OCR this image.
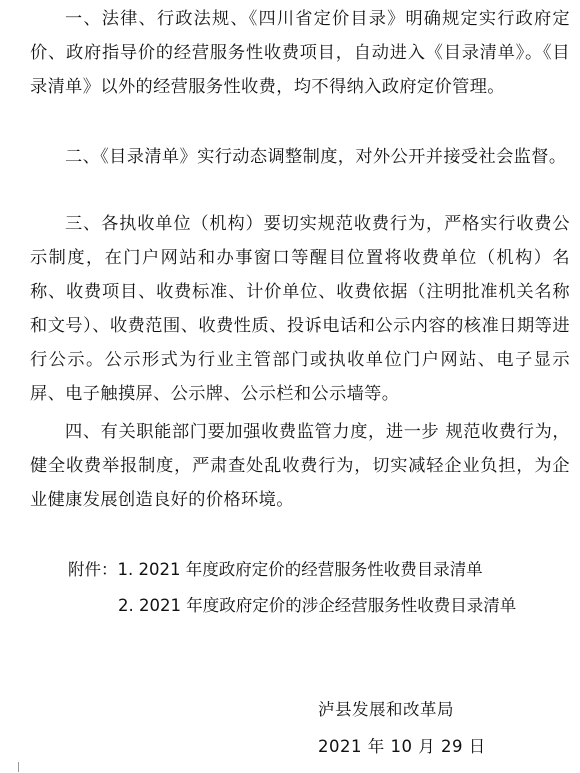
一、法律、行政法规、《四川省定价目录》明确规定实行政府定价、政府指导价的经营服务性收费项目，自动进入《目录清单》。《目录清单》以外的经营服务性收费，均不得纳入政府定价管理。

二、《目录清单》实行动态调整制度，对外公开并接受社会监督。

三、各执收单位（机构）要切实规范收费行为，严格实行收费公示制度，在门户网站和办事窗口等醒目位置将收费单位（机构）名称、收费项目、收费标准、计价单位、收费依据（注明批准机关名称和文号）、收费范围、收费性质、投诉电话和公示内容的核准日期等进行公示。公示形式为行业主管部门或执收单位门户网站、电子显示屏、电子触摸屏、公示牌、公示栏和公示墙等。

四、有关职能部门要加强收费监管力度，进一步 规范收费行为，健全收费举报制度，严肃查处乱收费行为，切实减轻企业负担，为企业健康发展创造良好的价格环境。

附件：1. 2021 年度政府定价的经营服务性收费目录清单
2. 2021 年度政府定价的涉企经营服务性收费目录清单
泸县发展和改革局
2021 年 10 月 29 日
